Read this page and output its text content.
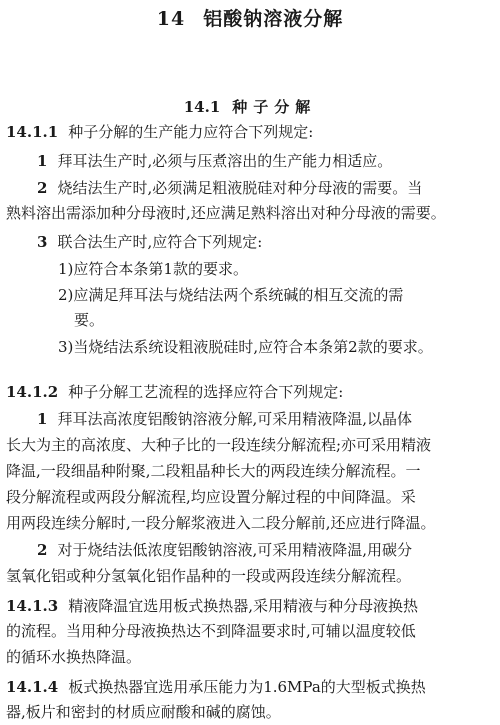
14 铝酸钠溶液分解
14.1 种子分解
14.1.1 种子分解的生产能力应符合下列规定:
1 拜耳法生产时,必须与压煮溶出的生产能力相适应。
2 烧结法生产时,必须满足粗液脱硅对种分母液的需要。当
熟料溶出需添加种分母液时,还应满足熟料溶出对种分母液的需要。
3 联合法生产时,应符合下列规定:
1)应符合本条第1款的要求。
2)应满足拜耳法与烧结法两个系统碱的相互交流的需
要。
3)当烧结法系统设粗液脱硅时,应符合本条第2款的要求。
14.1.2 种子分解工艺流程的选择应符合下列规定:
1 拜耳法高浓度铝酸钠溶液分解,可采用精液降温,以晶体
长大为主的高浓度、大种子比的一段连续分解流程;亦可采用精液
降温,一段细晶种附聚,二段粗晶种长大的两段连续分解流程。一
段分解流程或两段分解流程,均应设置分解过程的中间降温。采
用两段连续分解时,一段分解浆液进入二段分解前,还应进行降温。
2 对于烧结法低浓度铝酸钠溶液,可采用精液降温,用碳分
氢氧化铝或种分氢氧化铝作晶种的一段或两段连续分解流程。
14.1.3 精液降温宜选用板式换热器,采用精液与种分母液换热
的流程。当用种分母液换热达不到降温要求时,可辅以温度较低
的循环水换热降温。
14.1.4 板式换热器宜选用承压能力为1.6MPa的大型板式换热
器,板片和密封的材质应耐酸和碱的腐蚀。
